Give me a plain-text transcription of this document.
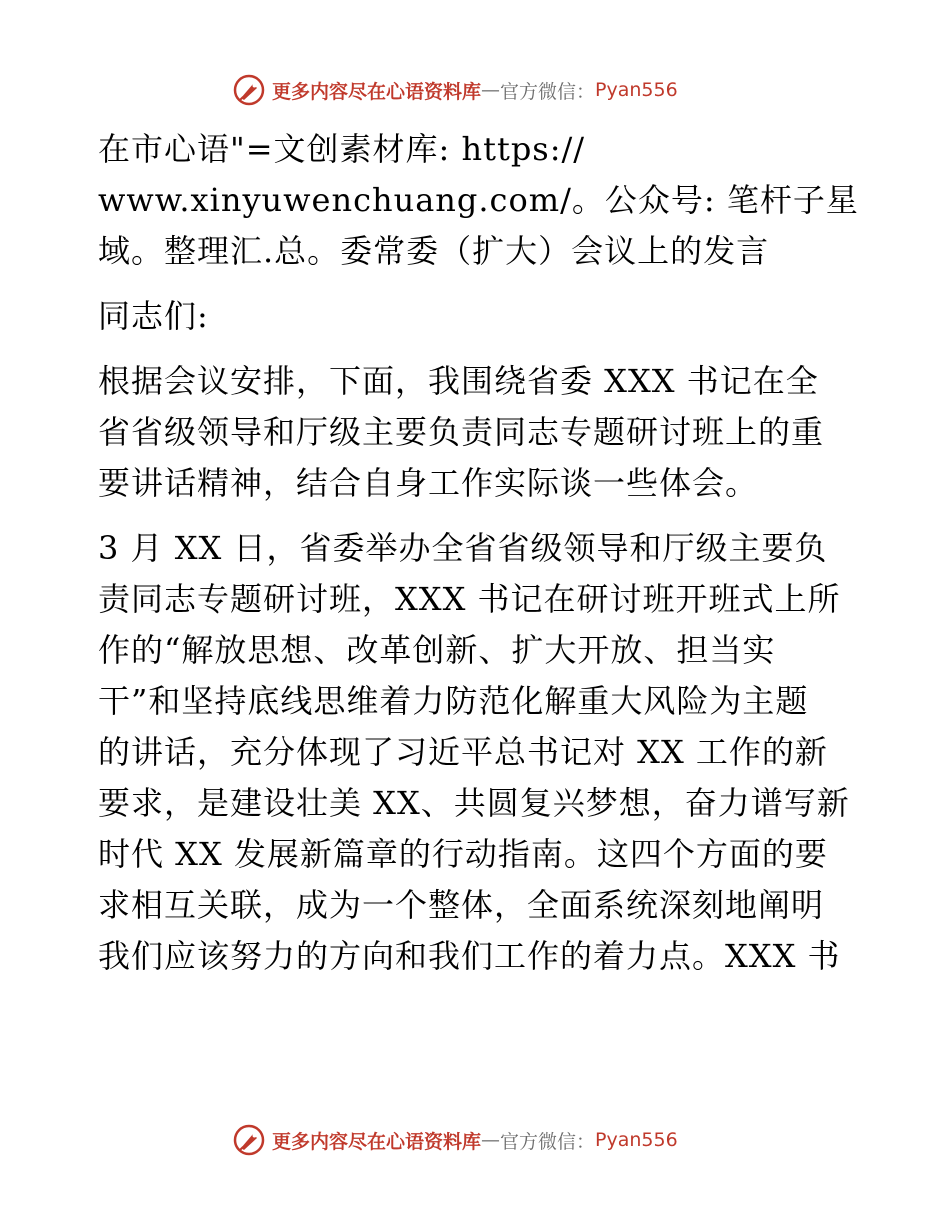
更多内容尽在心语资料库 — 官方微信： Pyan556
在市心语"=文创素材库: https://
www.xinyuwenchuang.com/。公众号: 笔杆子星
域。整理汇.总。委常委（扩大）会议上的发言
同志们:
根据会议安排，下面，我围绕省委 XXX 书记在全
省省级领导和厅级主要负责同志专题研讨班上的重
要讲话精神，结合自身工作实际谈一些体会。
3 月 XX 日，省委举办全省省级领导和厅级主要负
责同志专题研讨班，XXX 书记在研讨班开班式上所
作的“解放思想、改革创新、扩大开放、担当实
干”和坚持底线思维着力防范化解重大风险为主题
的讲话，充分体现了习近平总书记对 XX 工作的新
要求，是建设壮美 XX、共圆复兴梦想，奋力谱写新
时代 XX 发展新篇章的行动指南。这四个方面的要
求相互关联，成为一个整体，全面系统深刻地阐明
我们应该努力的方向和我们工作的着力点。XXX 书
更多内容尽在心语资料库 — 官方微信： Pyan556
